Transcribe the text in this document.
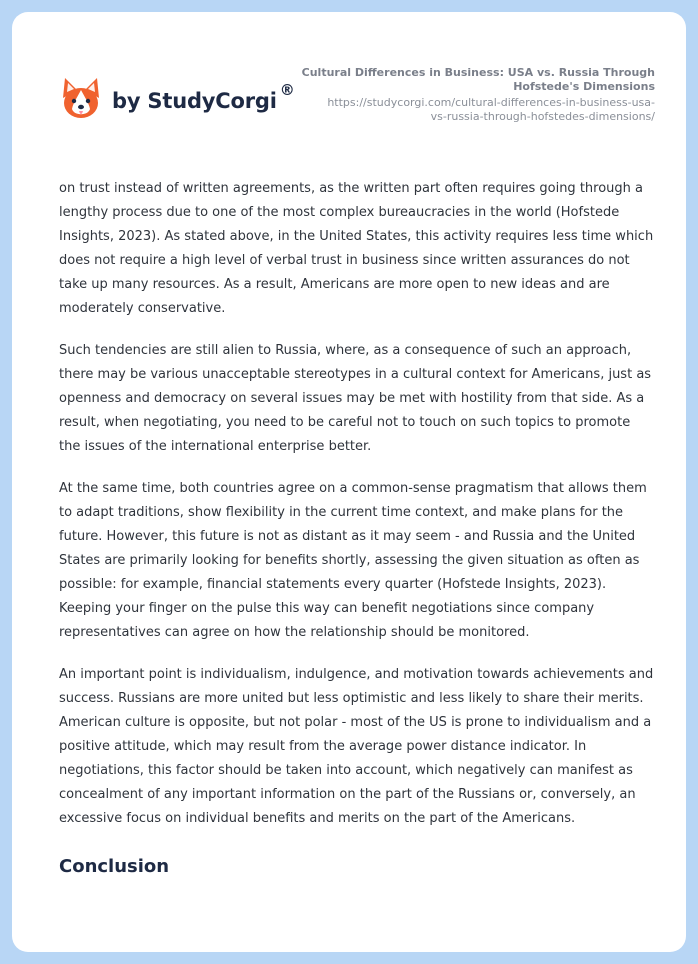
by StudyCorgi ®
Cultural Differences in Business: USA vs. Russia Through
Hofstede's Dimensions
https://studycorgi.com/cultural-differences-in-business-usa-
vs-russia-through-hofstedes-dimensions/

on trust instead of written agreements, as the written part often requires going through a lengthy process due to one of the most complex bureaucracies in the world (Hofstede Insights, 2023). As stated above, in the United States, this activity requires less time which does not require a high level of verbal trust in business since written assurances do not take up many resources. As a result, Americans are more open to new ideas and are moderately conservative.

Such tendencies are still alien to Russia, where, as a consequence of such an approach, there may be various unacceptable stereotypes in a cultural context for Americans, just as openness and democracy on several issues may be met with hostility from that side. As a result, when negotiating, you need to be careful not to touch on such topics to promote the issues of the international enterprise better.

At the same time, both countries agree on a common-sense pragmatism that allows them to adapt traditions, show flexibility in the current time context, and make plans for the future. However, this future is not as distant as it may seem - and Russia and the United States are primarily looking for benefits shortly, assessing the given situation as often as possible: for example, financial statements every quarter (Hofstede Insights, 2023). Keeping your finger on the pulse this way can benefit negotiations since company representatives can agree on how the relationship should be monitored.

An important point is individualism, indulgence, and motivation towards achievements and success. Russians are more united but less optimistic and less likely to share their merits. American culture is opposite, but not polar - most of the US is prone to individualism and a positive attitude, which may result from the average power distance indicator. In negotiations, this factor should be taken into account, which negatively can manifest as concealment of any important information on the part of the Russians or, conversely, an excessive focus on individual benefits and merits on the part of the Americans.

Conclusion
